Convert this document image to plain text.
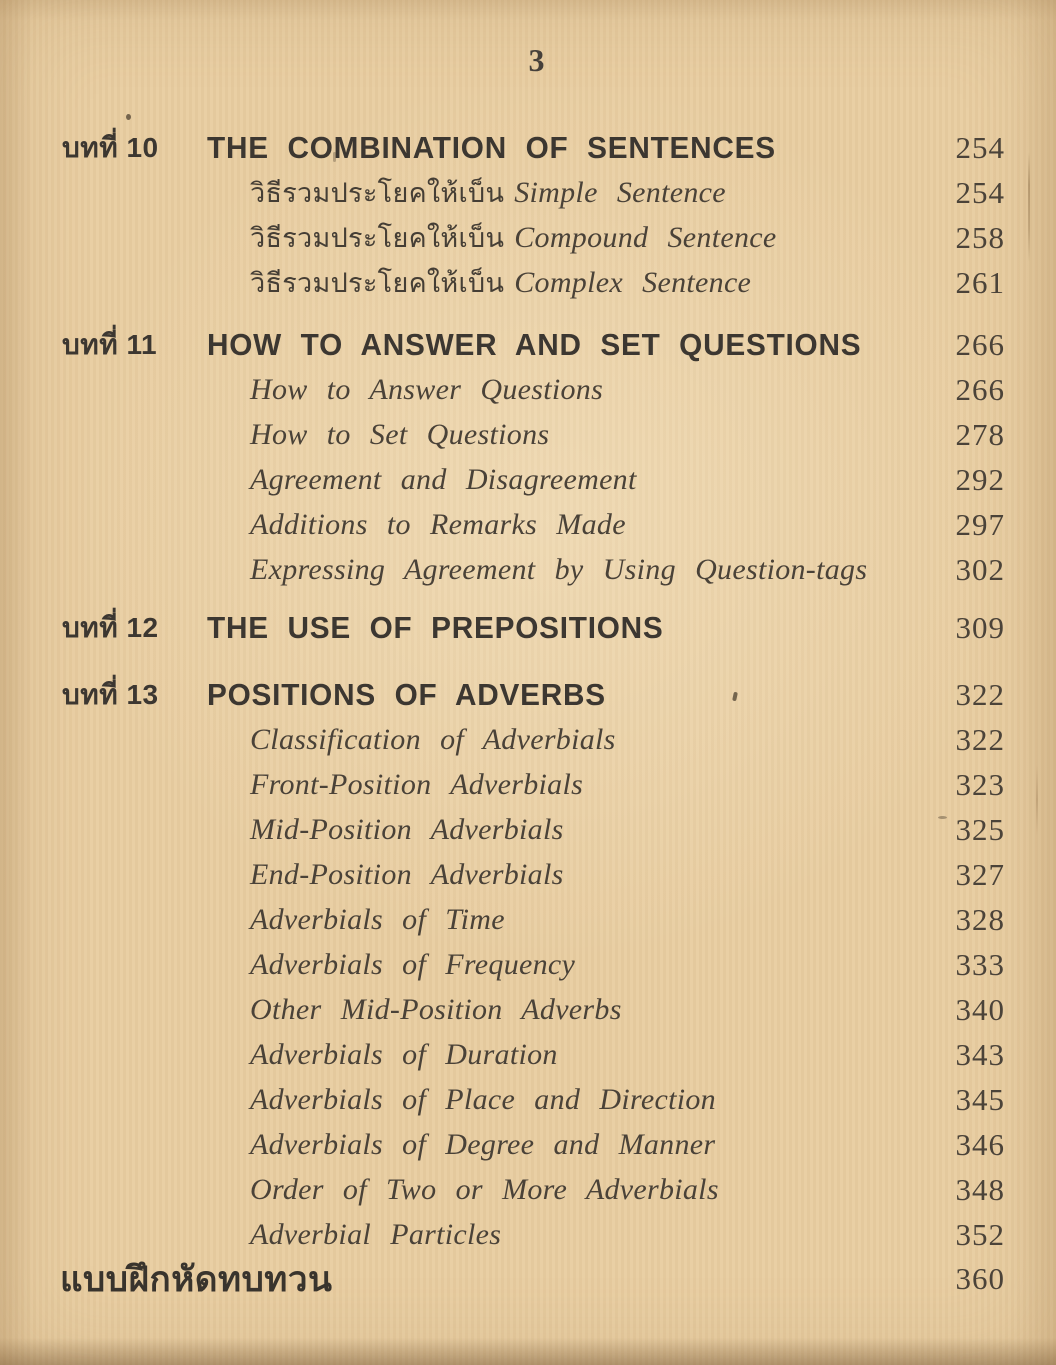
3
บทที่ 10	THE COMBINATION OF SENTENCES	254
วิธีรวมประโยคให้เบ็น Simple Sentence	254
วิธีรวมประโยคให้เบ็น Compound Sentence	258
วิธีรวมประโยคให้เบ็น Complex Sentence	261
บทที่ 11	HOW TO ANSWER AND SET QUESTIONS	266
How to Answer Questions	266
How to Set Questions	278
Agreement and Disagreement	292
Additions to Remarks Made	297
Expressing Agreement by Using Question-tags	302
บทที่ 12	THE USE OF PREPOSITIONS	309
บทที่ 13	POSITIONS OF ADVERBS	322
Classification of Adverbials	322
Front-Position Adverbials	323
Mid-Position Adverbials	325
End-Position Adverbials	327
Adverbials of Time	328
Adverbials of Frequency	333
Other Mid-Position Adverbs	340
Adverbials of Duration	343
Adverbials of Place and Direction	345
Adverbials of Degree and Manner	346
Order of Two or More Adverbials	348
Adverbial Particles	352
แบบฝึกหัดทบทวน	360
